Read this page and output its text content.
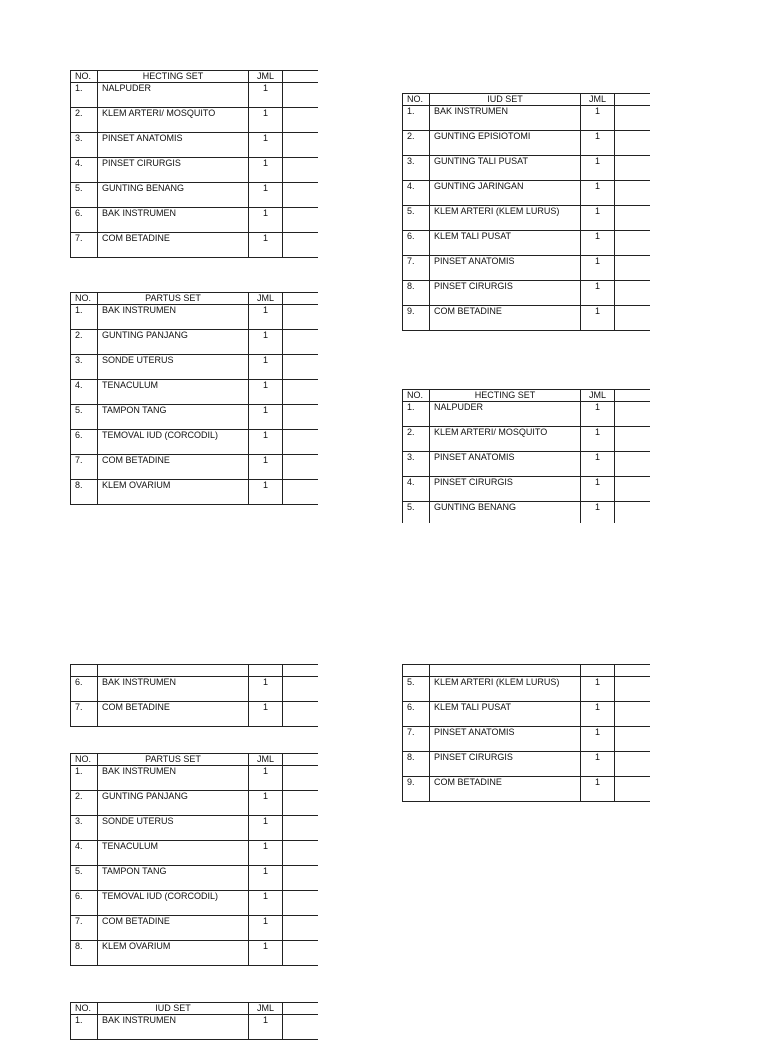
NO.	HECTING SET	JML	
1.	NALPUDER	1	
2.	KLEM ARTERI/ MOSQUITO	1	
3.	PINSET ANATOMIS	1	
4.	PINSET CIRURGIS	1	
5.	GUNTING BENANG	1	
6.	BAK INSTRUMEN	1	
7.	COM BETADINE	1	
NO.	PARTUS SET	JML	
1.	BAK INSTRUMEN	1	
2.	GUNTING PANJANG	1	
3.	SONDE UTERUS	1	
4.	TENACULUM	1	
5.	TAMPON TANG	1	
6.	TEMOVAL IUD (CORCODIL)	1	
7.	COM BETADINE	1	
8.	KLEM OVARIUM	1	
NO.	IUD SET	JML	
1.	BAK INSTRUMEN	1	
2.	GUNTING EPISIOTOMI	1	
3.	GUNTING TALI PUSAT	1	
4.	GUNTING JARINGAN	1	
5.	KLEM ARTERI (KLEM LURUS)	1	
6.	KLEM TALI PUSAT	1	
7.	PINSET ANATOMIS	1	
8.	PINSET CIRURGIS	1	
9.	COM BETADINE	1	
NO.	HECTING SET	JML	
1.	NALPUDER	1	
2.	KLEM ARTERI/ MOSQUITO	1	
3.	PINSET ANATOMIS	1	
4.	PINSET CIRURGIS	1	
5.	GUNTING BENANG	1	

6.	BAK INSTRUMEN	1	
7.	COM BETADINE	1	
NO.	PARTUS SET	JML	
1.	BAK INSTRUMEN	1	
2.	GUNTING PANJANG	1	
3.	SONDE UTERUS	1	
4.	TENACULUM	1	
5.	TAMPON TANG	1	
6.	TEMOVAL IUD (CORCODIL)	1	
7.	COM BETADINE	1	
8.	KLEM OVARIUM	1	
NO.	IUD SET	JML	
1.	BAK INSTRUMEN	1	

5.	KLEM ARTERI (KLEM LURUS)	1	
6.	KLEM TALI PUSAT	1	
7.	PINSET ANATOMIS	1	
8.	PINSET CIRURGIS	1	
9.	COM BETADINE	1	
